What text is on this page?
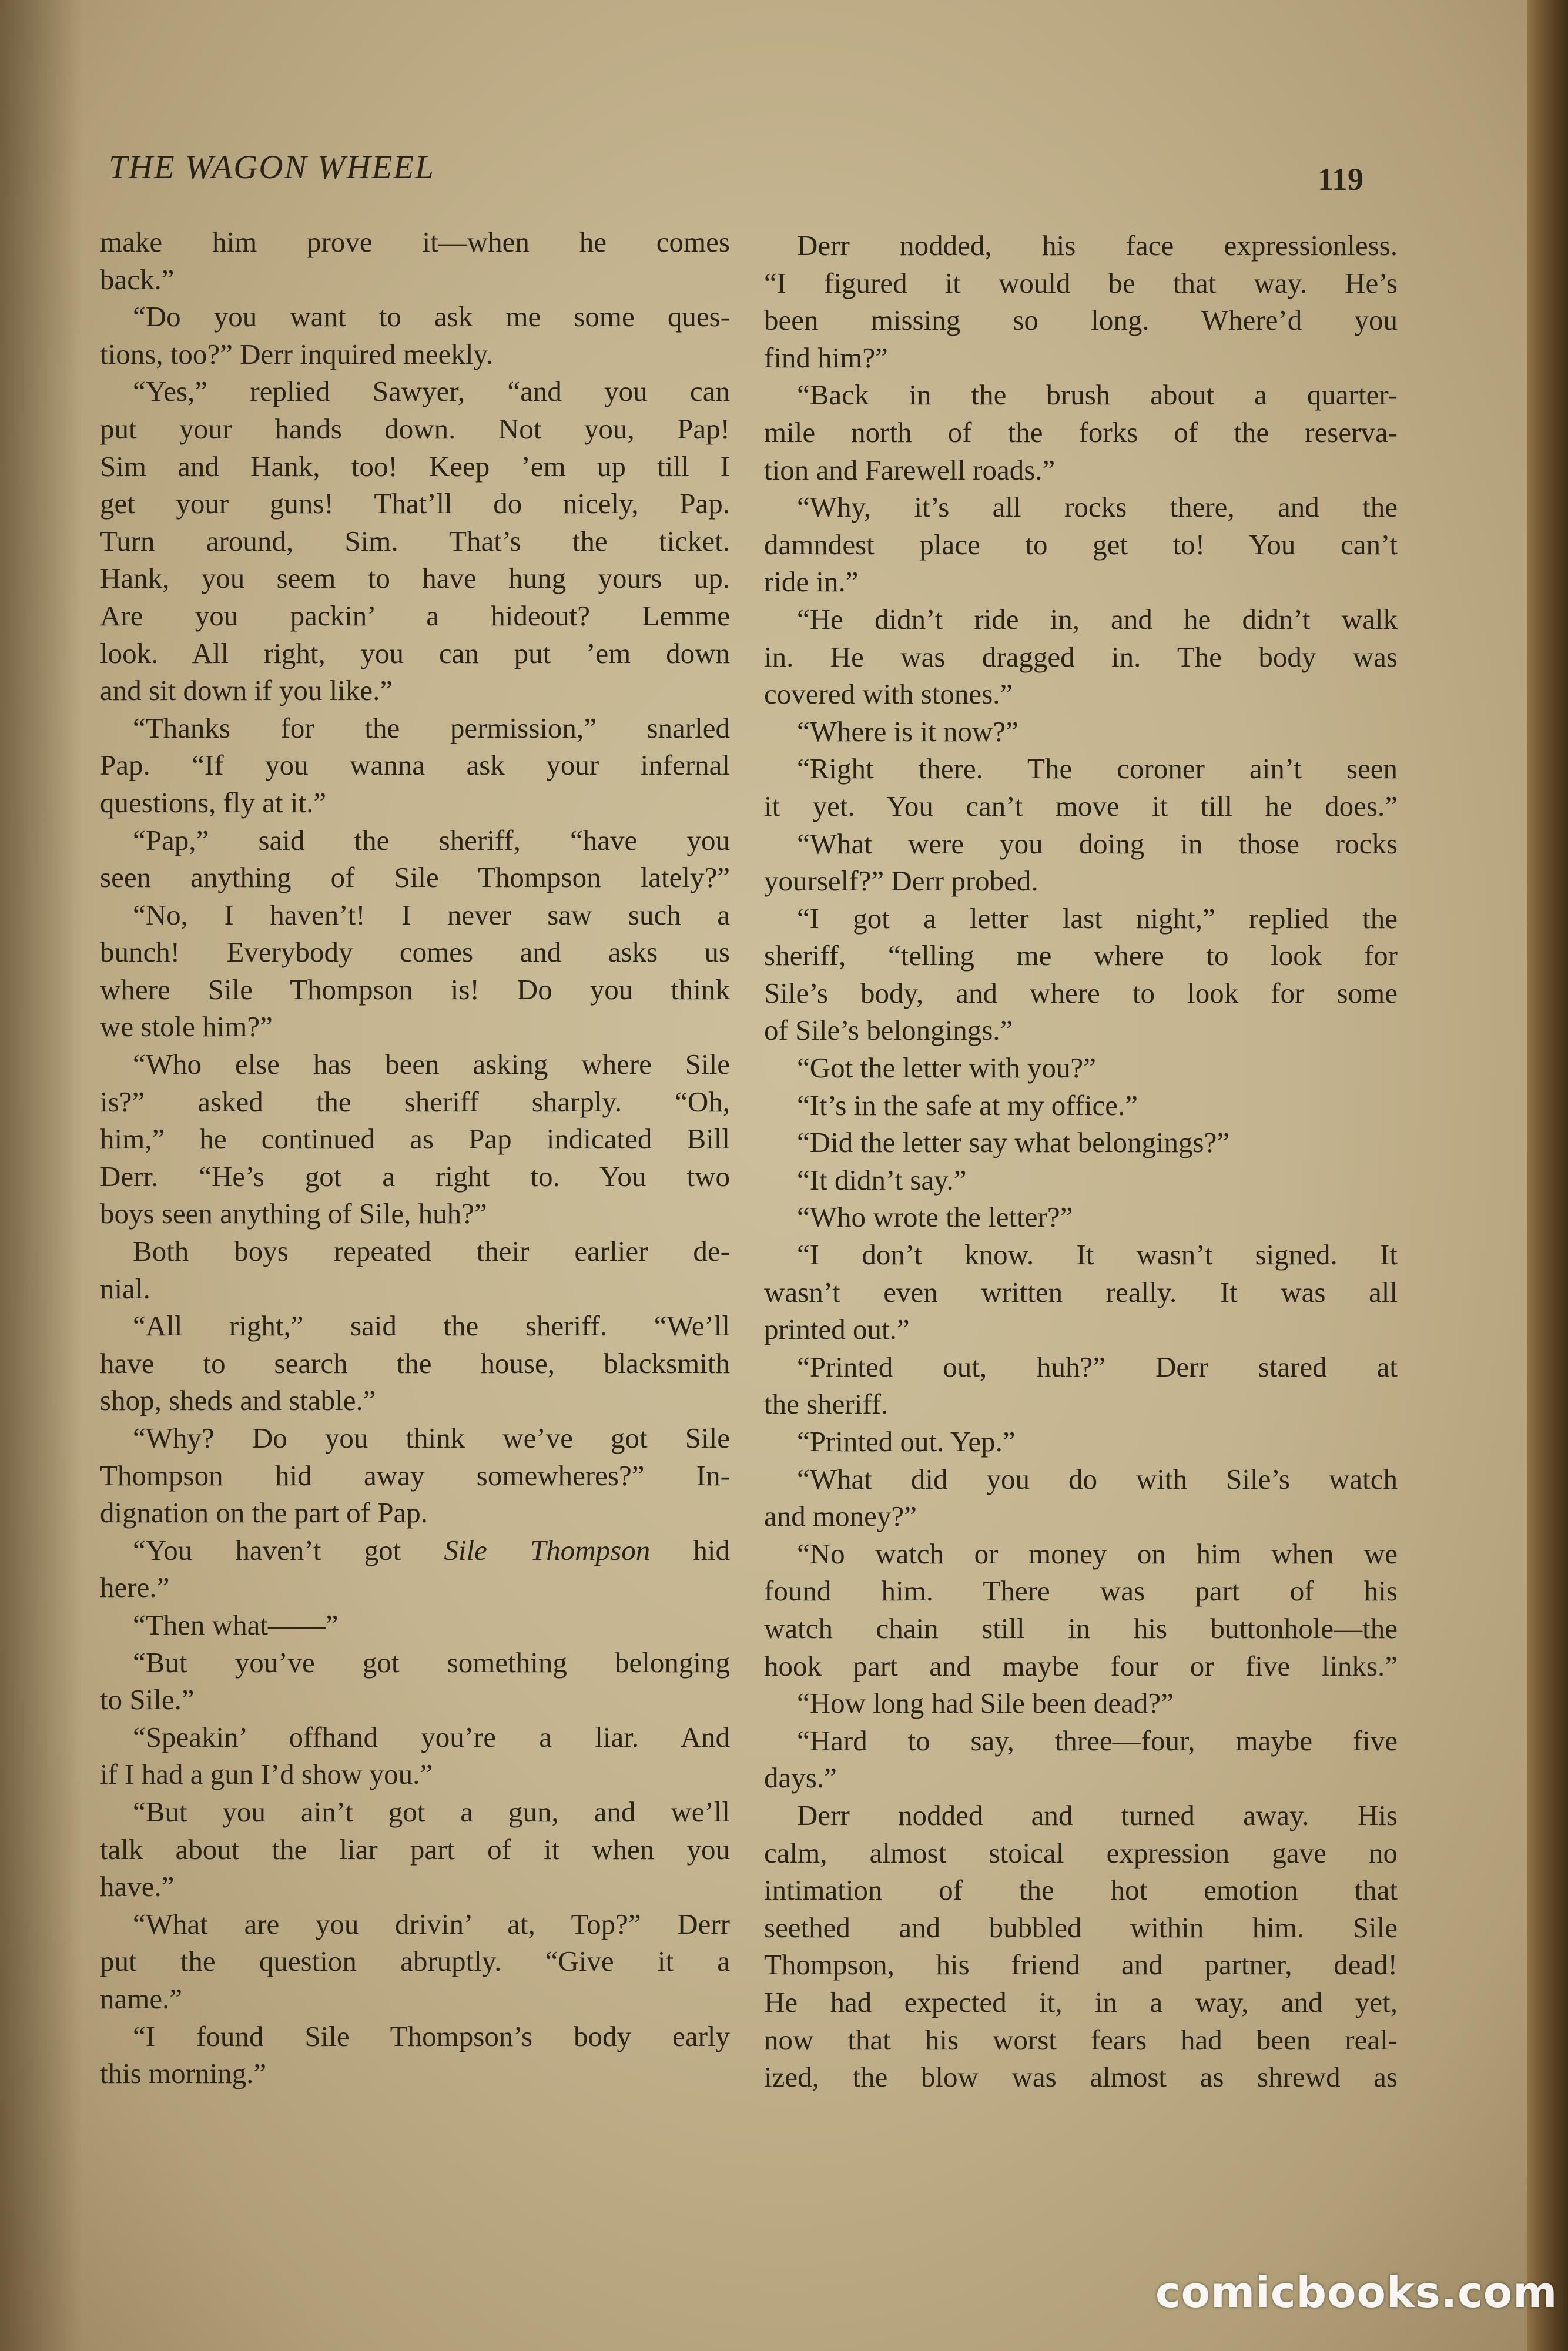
THE WAGON WHEEL	119
make him prove it—when he comes
back.”
“Do you want to ask me some ques-
tions, too?” Derr inquired meekly.
“Yes,” replied Sawyer, “and you can
put your hands down. Not you, Pap!
Sim and Hank, too! Keep ’em up till I
get your guns! That’ll do nicely, Pap.
Turn around, Sim. That’s the ticket.
Hank, you seem to have hung yours up.
Are you packin’ a hideout? Lemme
look. All right, you can put ’em down
and sit down if you like.”
“Thanks for the permission,” snarled
Pap. “If you wanna ask your infernal
questions, fly at it.”
“Pap,” said the sheriff, “have you
seen anything of Sile Thompson lately?”
“No, I haven’t! I never saw such a
bunch! Everybody comes and asks us
where Sile Thompson is! Do you think
we stole him?”
“Who else has been asking where Sile
is?” asked the sheriff sharply. “Oh,
him,” he continued as Pap indicated Bill
Derr. “He’s got a right to. You two
boys seen anything of Sile, huh?”
Both boys repeated their earlier de-
nial.
“All right,” said the sheriff. “We’ll
have to search the house, blacksmith
shop, sheds and stable.”
“Why? Do you think we’ve got Sile
Thompson hid away somewheres?” In-
dignation on the part of Pap.
“You haven’t got Sile Thompson hid
here.”
“Then what——”
“But you’ve got something belonging
to Sile.”
“Speakin’ offhand you’re a liar. And
if I had a gun I’d show you.”
“But you ain’t got a gun, and we’ll
talk about the liar part of it when you
have.”
“What are you drivin’ at, Top?” Derr
put the question abruptly. “Give it a
name.”
“I found Sile Thompson’s body early
this morning.”
Derr nodded, his face expressionless.
“I figured it would be that way. He’s
been missing so long. Where’d you
find him?”
“Back in the brush about a quarter-
mile north of the forks of the reserva-
tion and Farewell roads.”
“Why, it’s all rocks there, and the
damndest place to get to! You can’t
ride in.”
“He didn’t ride in, and he didn’t walk
in. He was dragged in. The body was
covered with stones.”
“Where is it now?”
“Right there. The coroner ain’t seen
it yet. You can’t move it till he does.”
“What were you doing in those rocks
yourself?” Derr probed.
“I got a letter last night,” replied the
sheriff, “telling me where to look for
Sile’s body, and where to look for some
of Sile’s belongings.”
“Got the letter with you?”
“It’s in the safe at my office.”
“Did the letter say what belongings?”
“It didn’t say.”
“Who wrote the letter?”
“I don’t know. It wasn’t signed. It
wasn’t even written really. It was all
printed out.”
“Printed out, huh?” Derr stared at
the sheriff.
“Printed out. Yep.”
“What did you do with Sile’s watch
and money?”
“No watch or money on him when we
found him. There was part of his
watch chain still in his buttonhole—the
hook part and maybe four or five links.”
“How long had Sile been dead?”
“Hard to say, three—four, maybe five
days.”
Derr nodded and turned away. His
calm, almost stoical expression gave no
intimation of the hot emotion that
seethed and bubbled within him. Sile
Thompson, his friend and partner, dead!
He had expected it, in a way, and yet,
now that his worst fears had been real-
ized, the blow was almost as shrewd as
comicbooks.com
